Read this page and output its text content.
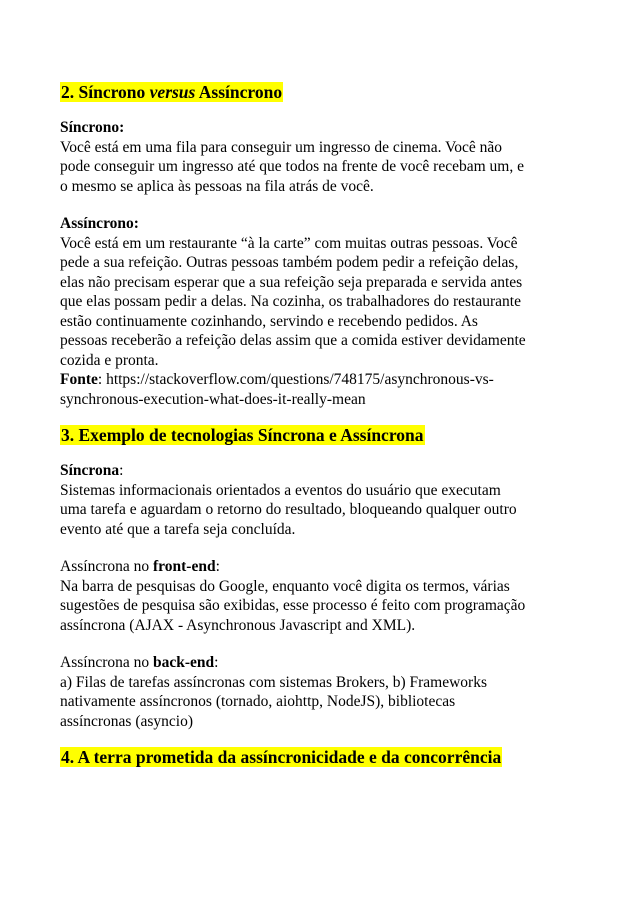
2. Síncrono versus Assíncrono
Síncrono:
Você está em uma fila para conseguir um ingresso de cinema. Você não
pode conseguir um ingresso até que todos na frente de você recebam um, e
o mesmo se aplica às pessoas na fila atrás de você.
Assíncrono:
Você está em um restaurante “à la carte” com muitas outras pessoas. Você
pede a sua refeição. Outras pessoas também podem pedir a refeição delas,
elas não precisam esperar que a sua refeição seja preparada e servida antes
que elas possam pedir a delas. Na cozinha, os trabalhadores do restaurante
estão continuamente cozinhando, servindo e recebendo pedidos. As
pessoas receberão a refeição delas assim que a comida estiver devidamente
cozida e pronta.
Fonte: https://stackoverflow.com/questions/748175/asynchronous-vs-
synchronous-execution-what-does-it-really-mean
3. Exemplo de tecnologias Síncrona e Assíncrona
Síncrona:
Sistemas informacionais orientados a eventos do usuário que executam
uma tarefa e aguardam o retorno do resultado, bloqueando qualquer outro
evento até que a tarefa seja concluída.
Assíncrona no front-end:
Na barra de pesquisas do Google, enquanto você digita os termos, várias
sugestões de pesquisa são exibidas, esse processo é feito com programação
assíncrona (AJAX - Asynchronous Javascript and XML).
Assíncrona no back-end:
a) Filas de tarefas assíncronas com sistemas Brokers, b) Frameworks
nativamente assíncronos (tornado, aiohttp, NodeJS), bibliotecas
assíncronas (asyncio)
4. A terra prometida da assíncronicidade e da concorrência
